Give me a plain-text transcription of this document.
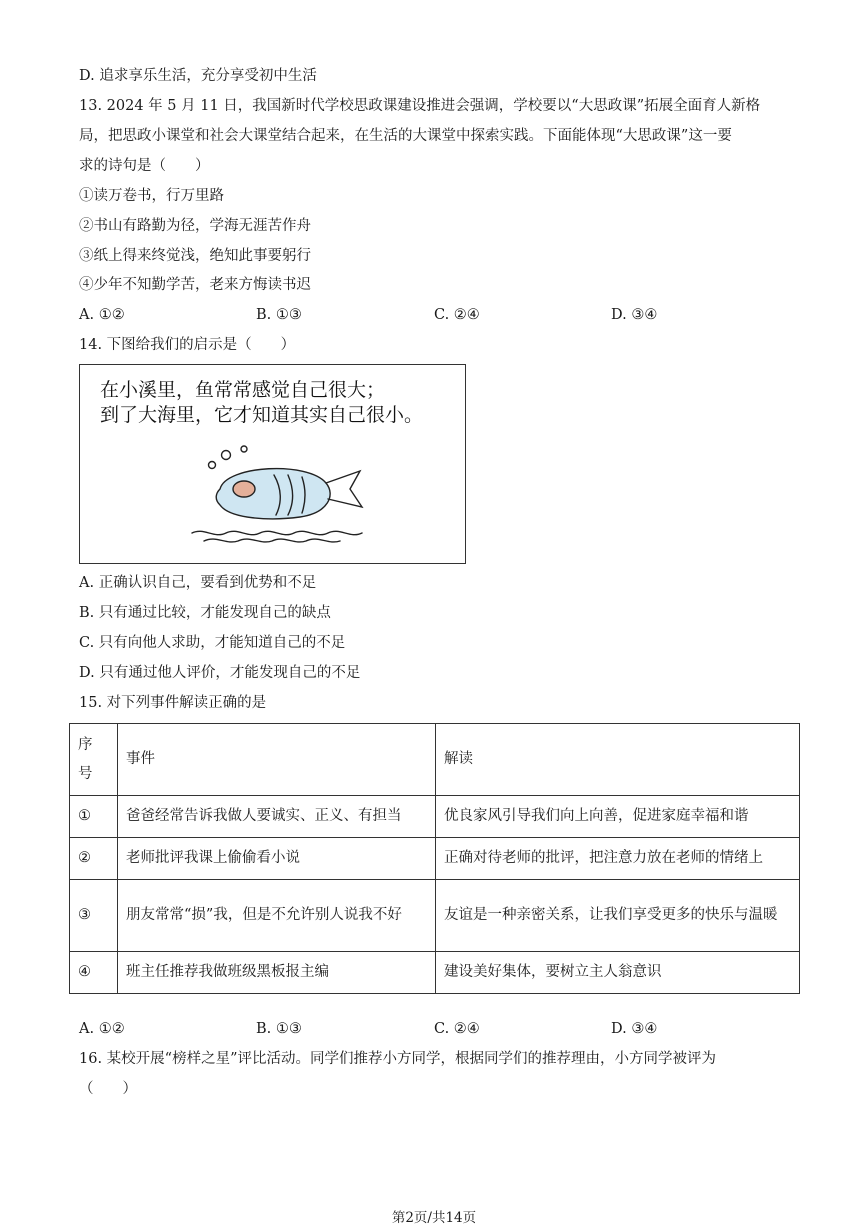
D. 追求享乐生活，充分享受初中生活
13. 2024 年 5 月 11 日，我国新时代学校思政课建设推进会强调，学校要以“大思政课”拓展全面育人新格
局，把思政小课堂和社会大课堂结合起来，在生活的大课堂中探索实践。下面能体现“大思政课”这一要
求的诗句是（　　）
①读万卷书，行万里路
②书山有路勤为径，学海无涯苦作舟
③纸上得来终觉浅，绝知此事要躬行
④少年不知勤学苦，老来方悔读书迟
A. ①②	B. ①③	C. ②④	D. ③④
14. 下图给我们的启示是（　　）
在小溪里，鱼常常感觉自己很大；
到了大海里，它才知道其实自己很小。
A. 正确认识自己，要看到优势和不足
B. 只有通过比较，才能发现自己的缺点
C. 只有向他人求助，才能知道自己的不足
D. 只有通过他人评价，才能发现自己的不足
15. 对下列事件解读正确的是
序号	事件	解读
①	爸爸经常告诉我做人要诚实、正义、有担当	优良家风引导我们向上向善，促进家庭幸福和谐
②	老师批评我课上偷偷看小说	正确对待老师的批评，把注意力放在老师的情绪上
③	朋友常常“损”我，但是不允许别人说我不好	友谊是一种亲密关系，让我们享受更多的快乐与温暖
④	班主任推荐我做班级黑板报主编	建设美好集体，要树立主人翁意识
A. ①②	B. ①③	C. ②④	D. ③④
16. 某校开展“榜样之星”评比活动。同学们推荐小方同学，根据同学们的推荐理由，小方同学被评为
（　　）
第2页/共14页
